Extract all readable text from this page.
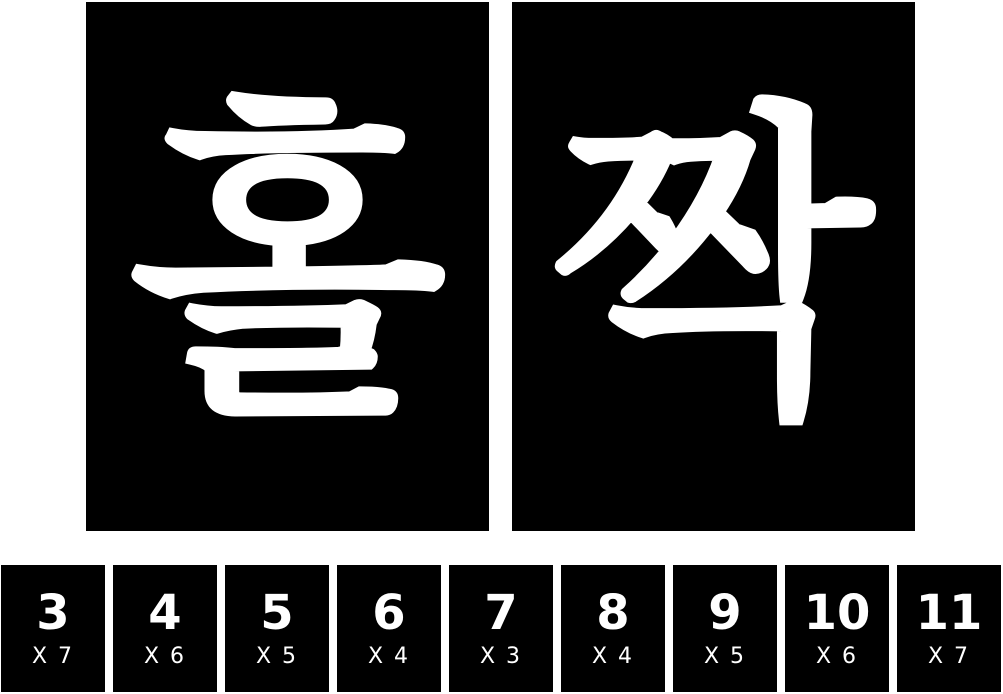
홀 짝
3
X 7
4
X 6
5
X 5
6
X 4
7
X 3
8
X 4
9
X 5
10
X 6
11
X 7
